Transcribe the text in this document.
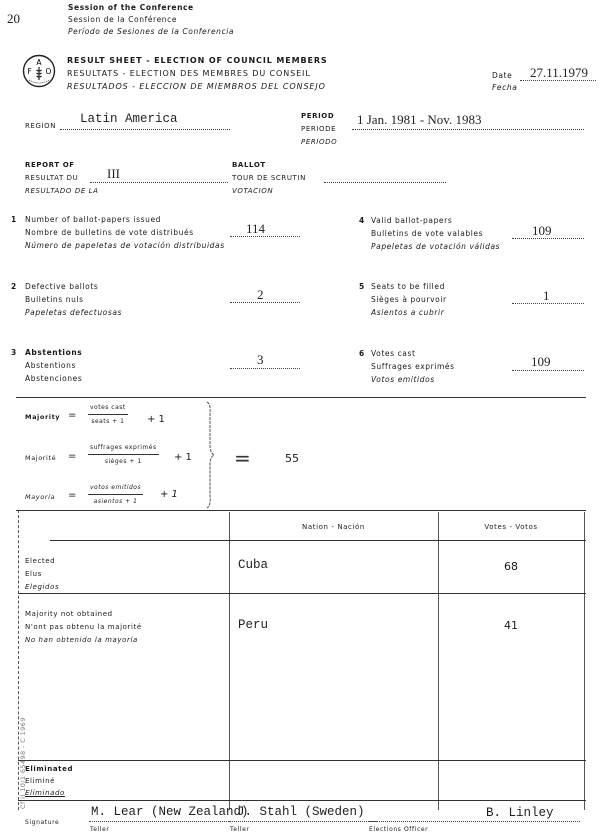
20
Session of the Conference
Session de la Conférence
Período de Sesiones de la Conferencia
A
F O
RESULT SHEET - ELECTION OF COUNCIL MEMBERS
RESULTATS - ELECTION DES MEMBRES DU CONSEIL
RESULTADOS - ELECCION DE MIEMBROS DEL CONSEJO
Date
Fecha
27.11.1979
REGION Latin America	PERIOD
PERIODE
PERIODO
1 Jan. 1981 - Nov. 1983
REPORT OF
RESULTAT DU
RESULTADO DE LA
III
BALLOT
TOUR DE SCRUTIN
VOTACION
1 Number of ballot-papers issued
Nombre de bulletins de vote distribués
Número de papeletas de votación distribuidas
114
2 Defective ballots
Bulletins nuls
Papeletas defectuosas
2
3 Abstentions
Abstentions
Abstenciones
3
4 Valid ballot-papers
Bulletins de vote valables
Papeletas de votación válidas
109
5 Seats to be filled
Sièges à pourvoir
Asientos a cubrir
1
6 Votes cast
Suffrages exprimés
Votos emitidos
109
Majority =
votes cast
seats + 1	+ 1
Majorité =
suffrages exprimés
sièges + 1	+ 1
Mayoría =
votos emitidos
asientos + 1
+ 1
=	55
Nation - Nación	Votes - Votos
Elected
Elus
Elegidos
Cuba	68
Majority not obtained
N'ont pas obtenu la majorité
No han obtenido la mayoría
Peru	41
Eliminated
Eliminé
Eliminado
Cf II 10/1 65498 - C 1969
Signature
M. Lear (New Zealand)
Teller
J. Stahl (Sweden)
Teller
B. Linley
Elections Officer
